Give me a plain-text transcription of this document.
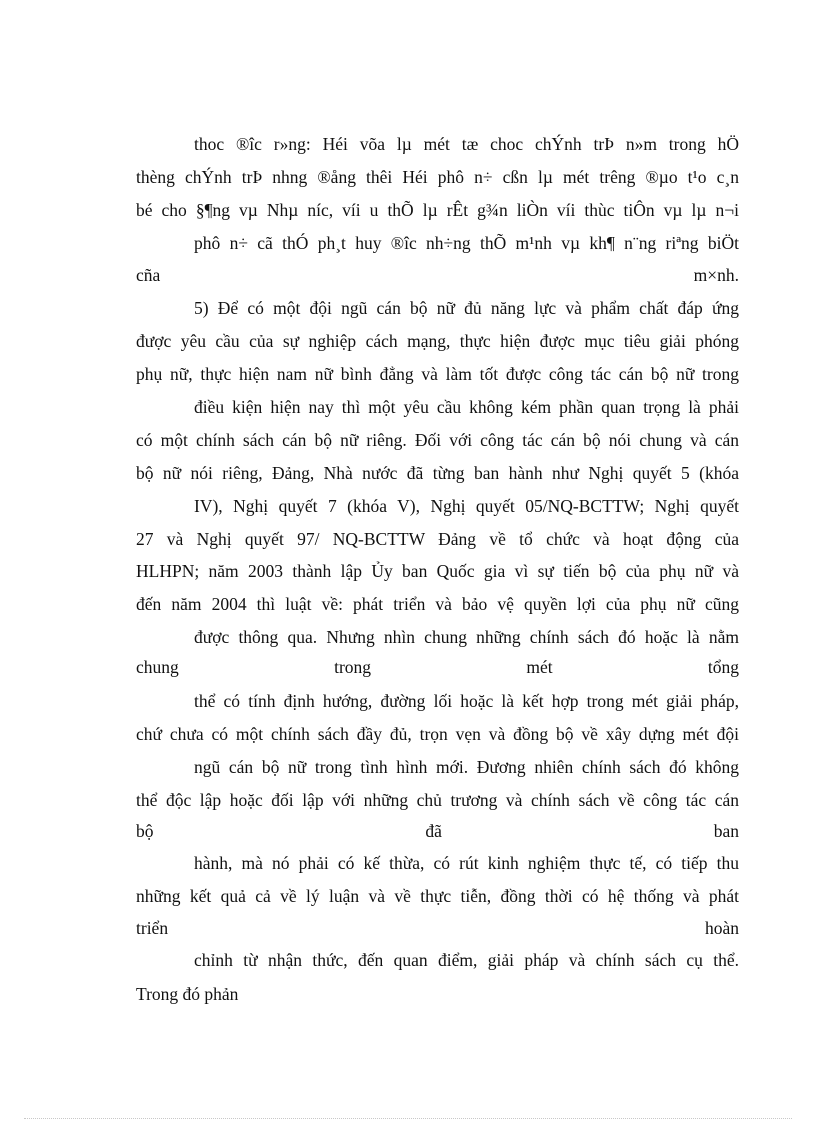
thoc ®îc r»ng: Héi võa lµ mét tæ choc chÝnh trÞ n»m trong hÖ
thèng chÝnh trÞ nhng ®ång thêi Héi phô n÷ cßn lµ mét trêng ®µo t¹o c¸n
bé cho §¶ng vµ Nhµ níc, víi u thÕ lµ rÊt g¾n liÒn víi thùc tiÔn vµ lµ n¬i
phô n÷ cã thÓ ph¸t huy ®îc nh÷ng thÕ m¹nh vµ kh¶ n¨ng riªng biÖt
cña m×nh.
5) Để có một đội ngũ cán bộ nữ đủ năng lực và phẩm chất đáp ứng
được yêu cầu của sự nghiệp cách mạng, thực hiện được mục tiêu giải phóng
phụ nữ, thực hiện nam nữ bình đẳng và làm tốt được công tác cán bộ nữ trong
điều kiện hiện nay thì một yêu cầu không kém phần quan trọng là phải
có một chính sách cán bộ nữ riêng. Đối với công tác cán bộ nói chung và cán
bộ nữ nói riêng, Đảng, Nhà nước đã từng ban hành như Nghị quyết 5 (khóa
IV), Nghị quyết 7 (khóa V), Nghị quyết 05/NQ-BCTTW; Nghị quyết
27 và Nghị quyết 97/ NQ-BCTTW Đảng về tổ chức và hoạt động của
HLHPN; năm 2003 thành lập Ủy ban Quốc gia vì sự tiến bộ của phụ nữ và
đến năm 2004 thì luật về: phát triển và bảo vệ quyền lợi của phụ nữ cũng
được thông qua. Nhưng nhìn chung những chính sách đó hoặc là nằm
chung trong mét tổng
thể có tính định hướng, đường lối hoặc là kết hợp trong mét giải pháp,
chứ chưa có một chính sách đầy đủ, trọn vẹn và đồng bộ về xây dựng mét đội
ngũ cán bộ nữ trong tình hình mới. Đương nhiên chính sách đó không
thể độc lập hoặc đối lập với những chủ trương và chính sách về công tác cán
bộ đã ban
hành, mà nó phải có kế thừa, có rút kinh nghiệm thực tế, có tiếp thu
những kết quả cả về lý luận và về thực tiễn, đồng thời có hệ thống và phát
triển hoàn
chỉnh từ nhận thức, đến quan điểm, giải pháp và chính sách cụ thể.
Trong đó phản
